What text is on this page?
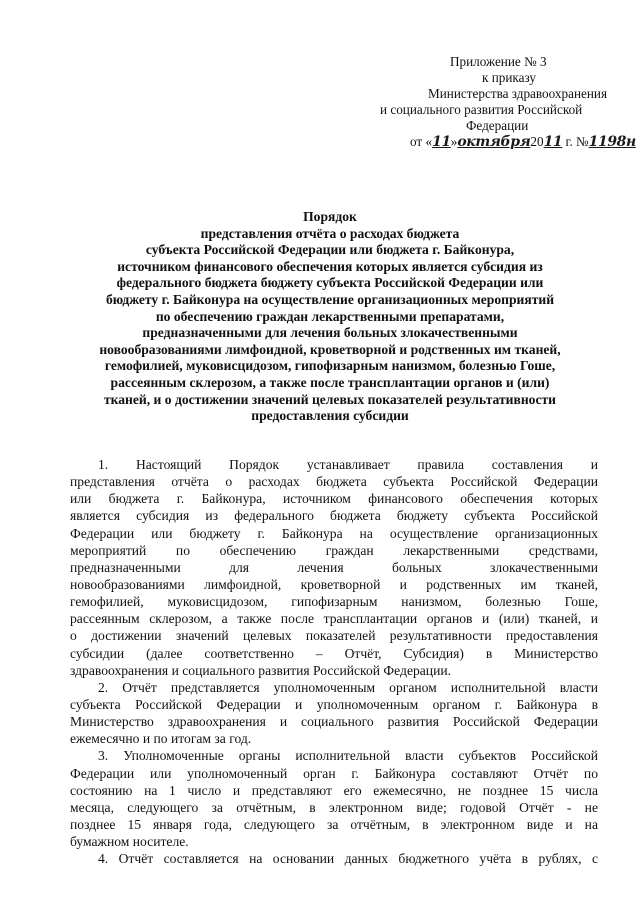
Приложение № 3
к приказу
Министерства здравоохранения
и социального развития Российской
Федерации
от «11»октября2011 г. №1198н
Порядок
представления отчёта о расходах бюджета
субъекта Российской Федерации или бюджета г. Байконура,
источником финансового обеспечения которых является субсидия из
федерального бюджета бюджету субъекта Российской Федерации или
бюджету г. Байконура на осуществление организационных мероприятий
по обеспечению граждан лекарственными препаратами,
предназначенными для лечения больных злокачественными
новообразованиями лимфоидной, кроветворной и родственных им тканей,
гемофилией, муковисцидозом, гипофизарным нанизмом, болезнью Гоше,
рассеянным склерозом, а также после трансплантации органов и (или)
тканей, и о достижении значений целевых показателей результативности
предоставления субсидии
1. Настоящий Порядок устанавливает правила составления и
представления отчёта о расходах бюджета субъекта Российской Федерации
или бюджета г. Байконура, источником финансового обеспечения которых
является субсидия из федерального бюджета бюджету субъекта Российской
Федерации или бюджету г. Байконура на осуществление организационных
мероприятий по обеспечению граждан лекарственными средствами,
предназначенными для лечения больных злокачественными
новообразованиями лимфоидной, кроветворной и родственных им тканей,
гемофилией, муковисцидозом, гипофизарным нанизмом, болезнью Гоше,
рассеянным склерозом, а также после трансплантации органов и (или) тканей, и
о достижении значений целевых показателей результативности предоставления
субсидии (далее соответственно – Отчёт, Субсидия) в Министерство
здравоохранения и социального развития Российской Федерации.
2. Отчёт представляется уполномоченным органом исполнительной власти
субъекта Российской Федерации и уполномоченным органом г. Байконура в
Министерство здравоохранения и социального развития Российской Федерации
ежемесячно и по итогам за год.
3. Уполномоченные органы исполнительной власти субъектов Российской
Федерации или уполномоченный орган г. Байконура составляют Отчёт по
состоянию на 1 число и представляют его ежемесячно, не позднее 15 числа
месяца, следующего за отчётным, в электронном виде; годовой Отчёт - не
позднее 15 января года, следующего за отчётным, в электронном виде и на
бумажном носителе.
4. Отчёт составляется на основании данных бюджетного учёта в рублях, с
